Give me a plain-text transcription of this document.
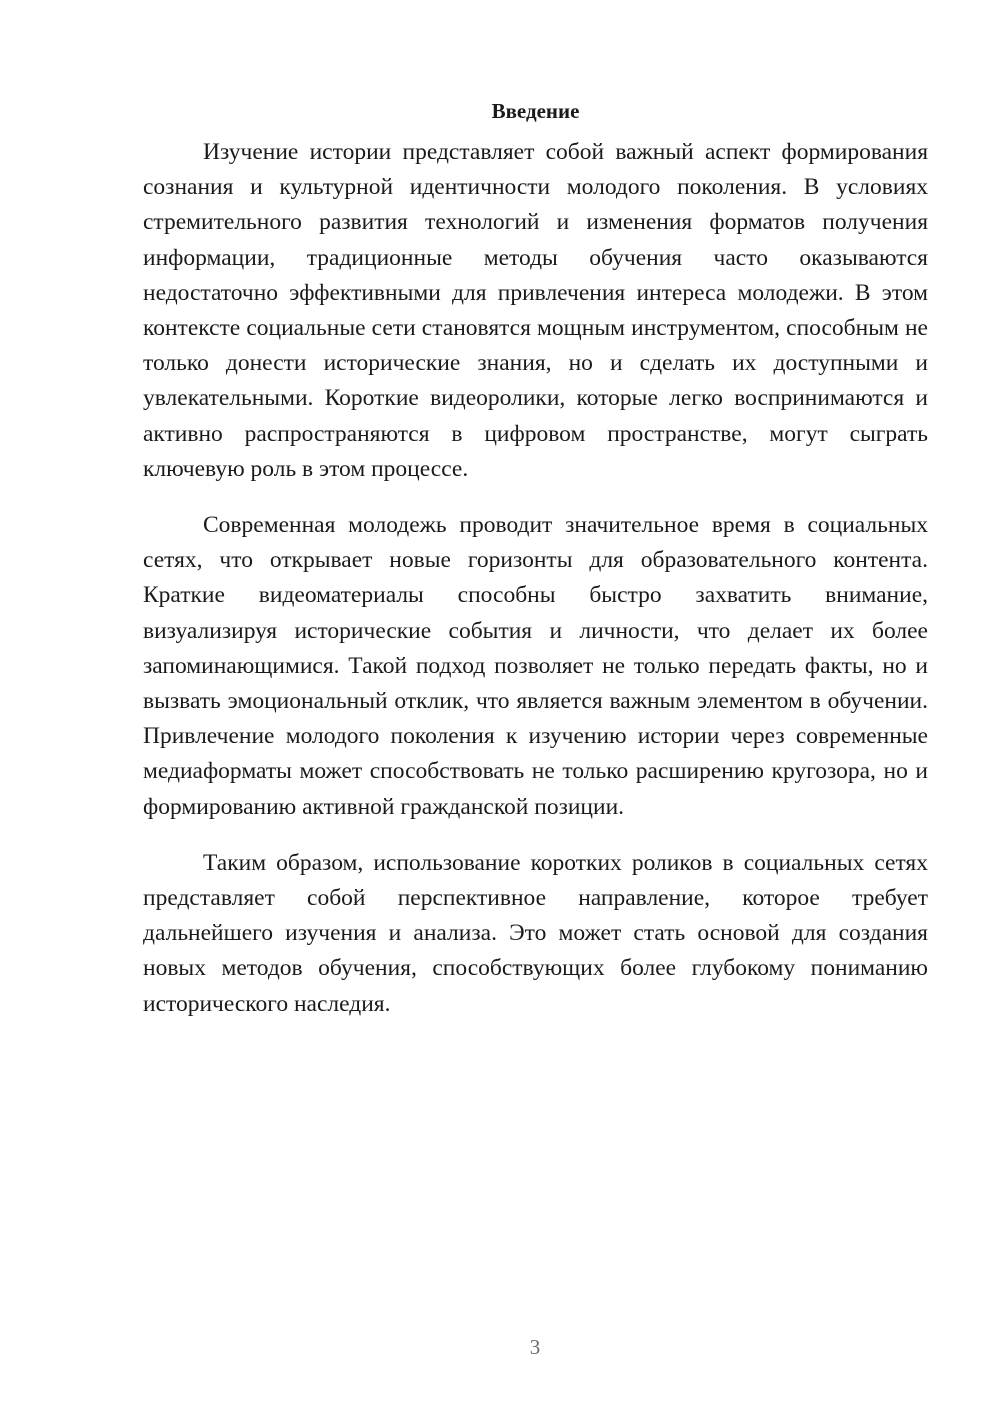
Введение

Изучение истории представляет собой важный аспект формирования сознания и культурной идентичности молодого поколения. В условиях стремительного развития технологий и изменения форматов получения информации, традиционные методы обучения часто оказываются недостаточно эффективными для привлечения интереса молодежи. В этом контексте социальные сети становятся мощным инструментом, способным не только донести исторические знания, но и сделать их доступными и увлекательными. Короткие видеоролики, которые легко воспринимаются и активно распространяются в цифровом пространстве, могут сыграть ключевую роль в этом процессе.

Современная молодежь проводит значительное время в социальных сетях, что открывает новые горизонты для образовательного контента. Краткие видеоматериалы способны быстро захватить внимание, визуализируя исторические события и личности, что делает их более запоминающимися. Такой подход позволяет не только передать факты, но и вызвать эмоциональный отклик, что является важным элементом в обучении. Привлечение молодого поколения к изучению истории через современные медиаформаты может способствовать не только расширению кругозора, но и формированию активной гражданской позиции.

Таким образом, использование коротких роликов в социальных сетях представляет собой перспективное направление, которое требует дальнейшего изучения и анализа. Это может стать основой для создания новых методов обучения, способствующих более глубокому пониманию исторического наследия.

3
